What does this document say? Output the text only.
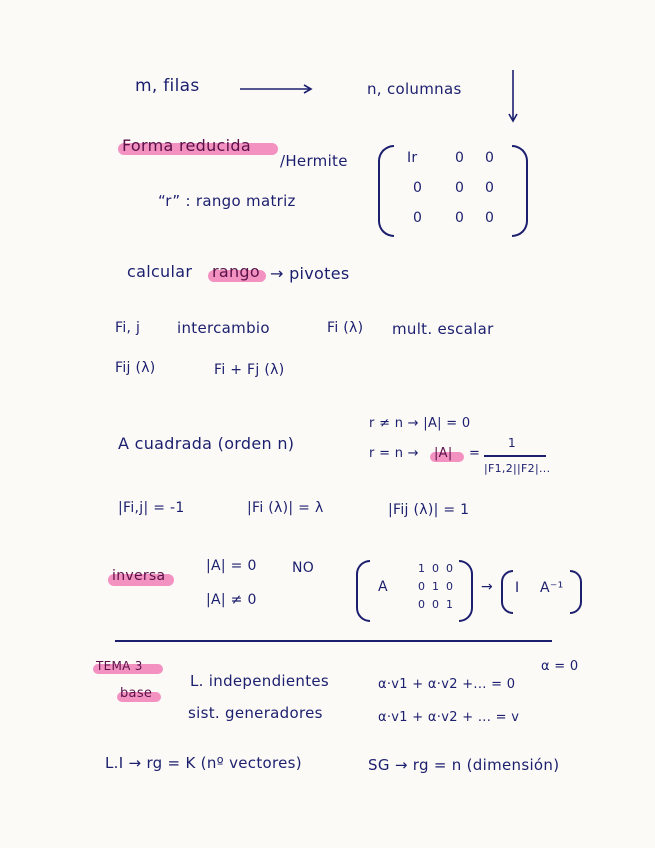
m, filas	n, columnas
Forma reducida
/Hermite
“r” : rango matriz
Ir	0 0
0 0 0
0 0 0
calcular rango → pivotes
Fi, j intercambio	Fi (λ) mult. escalar
Fij (λ)	Fi + Fj (λ)
A cuadrada (orden n)
r ≠ n → |A| = 0
r = n → |A| =
1
|F1,2||F2|...
|Fi,j| = -1	|Fi (λ)| = λ	|Fij (λ)| = 1
inversa
|A| = 0	NO
|A| ≠ 0
A
1 0 0
0 1 0
0 0 1
→ I A⁻¹
TEMA 3
base
L. independientes
sist. generadores
α·v1 + α·v2 +... = 0
α = 0
α·v1 + α·v2 + ... = v
L.I → rg = K (nº vectores)	SG → rg = n (dimensión)
